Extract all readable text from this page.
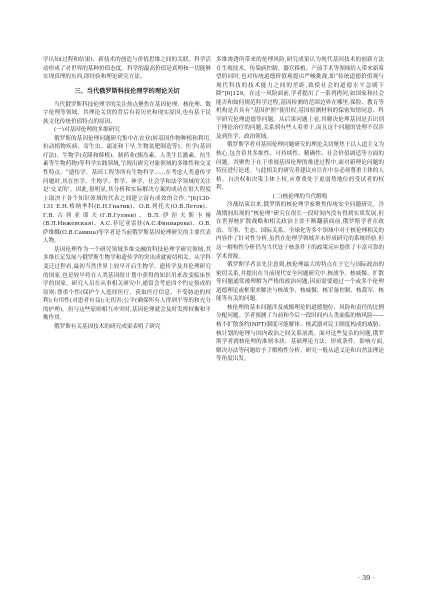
学认知(过程和结果)、新技术的创造与价值思维之间的关联。科学活动形成了对世界的某种价值态度。科学的最高价值是真理和一切能够实现真理的东西,即经验和理论研究方法。

三、当代俄罗斯科技伦理学的理论关切

当代俄罗斯科技伦理学的关注热点聚焦在基因伦理、核伦理、数字伦理等领域。其理论关切的背后有着历史和现实原因,也有基于民族文化传统价值特点的原因。

(一)对基因伦理的多维研究

俄罗斯的基因伦理问题研究集中在农业(转基因作物种植和利用,抗动植物疾病、寄生虫、霜冻和干旱,生物氮肥制造等)、医学(基因疗法)、生物学(克隆和移植)、制药业(胰岛素、人类生长激素、抗生素等生物药物)等科学实践领域,呈现出研究对象领域的多维性和交叉性特点。“遗传学、基因工程等所有生物科学……在考虑人类遗传学问题时,其在医学、生物学、哲学、神学、社会学和法学领域的关注是‘交叉的’。因此,很明显,其分析和实际解决方案的成功在很大程度上取决于各个知识领域的代表之间建立富有成效的合作。”[6]130-131 E.H.格纳季科(Е.Н.Гнатик)、О.В.列托夫(О.В.Летов)、Г.В.古列亚耶夫(Г.В.Гуляев)、В.Л.伊涅夫斯卡娅(В.Л.Инжевская)、А.С.菲尼亚雷娃(А.С.Финнарева)、О.В.萨维娜(О.В.Савина)等学者是当前俄罗斯基因伦理研究的主要代表人物。

基因伦理作为一个研究领域多维交融的科技伦理学研究领域,其多维长足发展与俄罗斯生物学和遗传学的突出成就密切相关。从学科变迁过程看,最初当然世界上较早开启生物学、遗传学及其伦理研究的国家,也是较早将在人类基因组计划中获得的知识用来改变临床医学的国家。研究人员在从事相关研究中,通常会考虑四个约定俗成的原则:尊重个性(保护个人选择医疗、获取医疗信息、不受胁迫的权利);有用性(对患者有益);无伤害;公平(确保所有人得到平等的和充分的护理)。但与这些原则相互冲突时,基因伦理就会及时发挥权衡和平衡作用。

俄罗斯有关基因技术的研究成果表明了研究

多维渗透所带来的伦理风险,研究成果认为现代基因技术的创新方法在生殖技术、传染病控制、器官移植、产前手术等领域给人带来新希望的同时,也对传统道德价值观提出严峻挑战,即“传统道德价值观与现代科技的技术能力之间的差距,致使社会的道德水平急剧下降”[6]129。在这一风险面前,学者提出了一系列拷问,如国家和社会能否和如何规范科学过程,基因检测的范围边界在哪里,保险、教育等机构是否具有“基因护照”使用权,基因检测材料的保密知情同意、科学研究伦理道德等问题。从后果问题上看,其解决伦理基因是否识别于理论治疗的问题,关系到有些人着重于,而且这个问题的处理不仅涉及到医学、政治领域。

俄罗斯学者对基因伦理问题研究的理论关切聚焦于以人道主义为核心,包含着其多维性、可持续性、精确性、社会价值调适等方面的问题。其聚焦于在于重视基因伦理的推进过程中,面对新理论问题的特征进行论述。与此相关的研究者建议应让在中在必须尊重主体的人格、自决权和决策主体上权,应尊重处于更弱势地位的受试者的权利。

(二)核伦理的当代解构

冷战结束以来,俄罗斯的核伦理学家聚焦传统安全问题研究。冷战期间出现的“核伦理”研究在很长一段时间内没有得到实质发展,但在世界核扩散战略和相关政治主张不断翻新面前,俄罗斯学者在政治、军事、生态、国际关系、全球化等多个领域中对于核伦理相关的内容作了针对性分析,虽然在伦理学领域并未形成研究的系统经验,但这一解构性分析仍为当代处于核条件下的政策反应提供了丰富可靠的学术资源。

俄罗斯学者首先注意到,核伦理最大的特点在于它与国际政治的密切关系,并提出在当前现代安全问题研究中,核战争、核威慑、扩散等问题通常被理解为严格的政治问题,因而需要通过一个或多个伦理道德理论或框架来解决与核战争、核威慑、核军备控制、核裁军、核能等有关的问题。

核伦理的基本问题涉及威慑理论的道德地位、风险和责任的比例分配问题。学者预测了当前和今后一段时间内人类面临的核风险——核不扩散条约(NPT)制度可能解体、核武器对民主制度构成的威胁、核计划的伦理与国内政治之间关系剖离。面对这些复杂的问题,俄罗斯学者就核伦理的准则本质、基础理论方法、形成条件、影响方面,解决办法等问题给予了解构性分析。研究一般从道义论和自然法理论等角度出发。

· 39 ·
